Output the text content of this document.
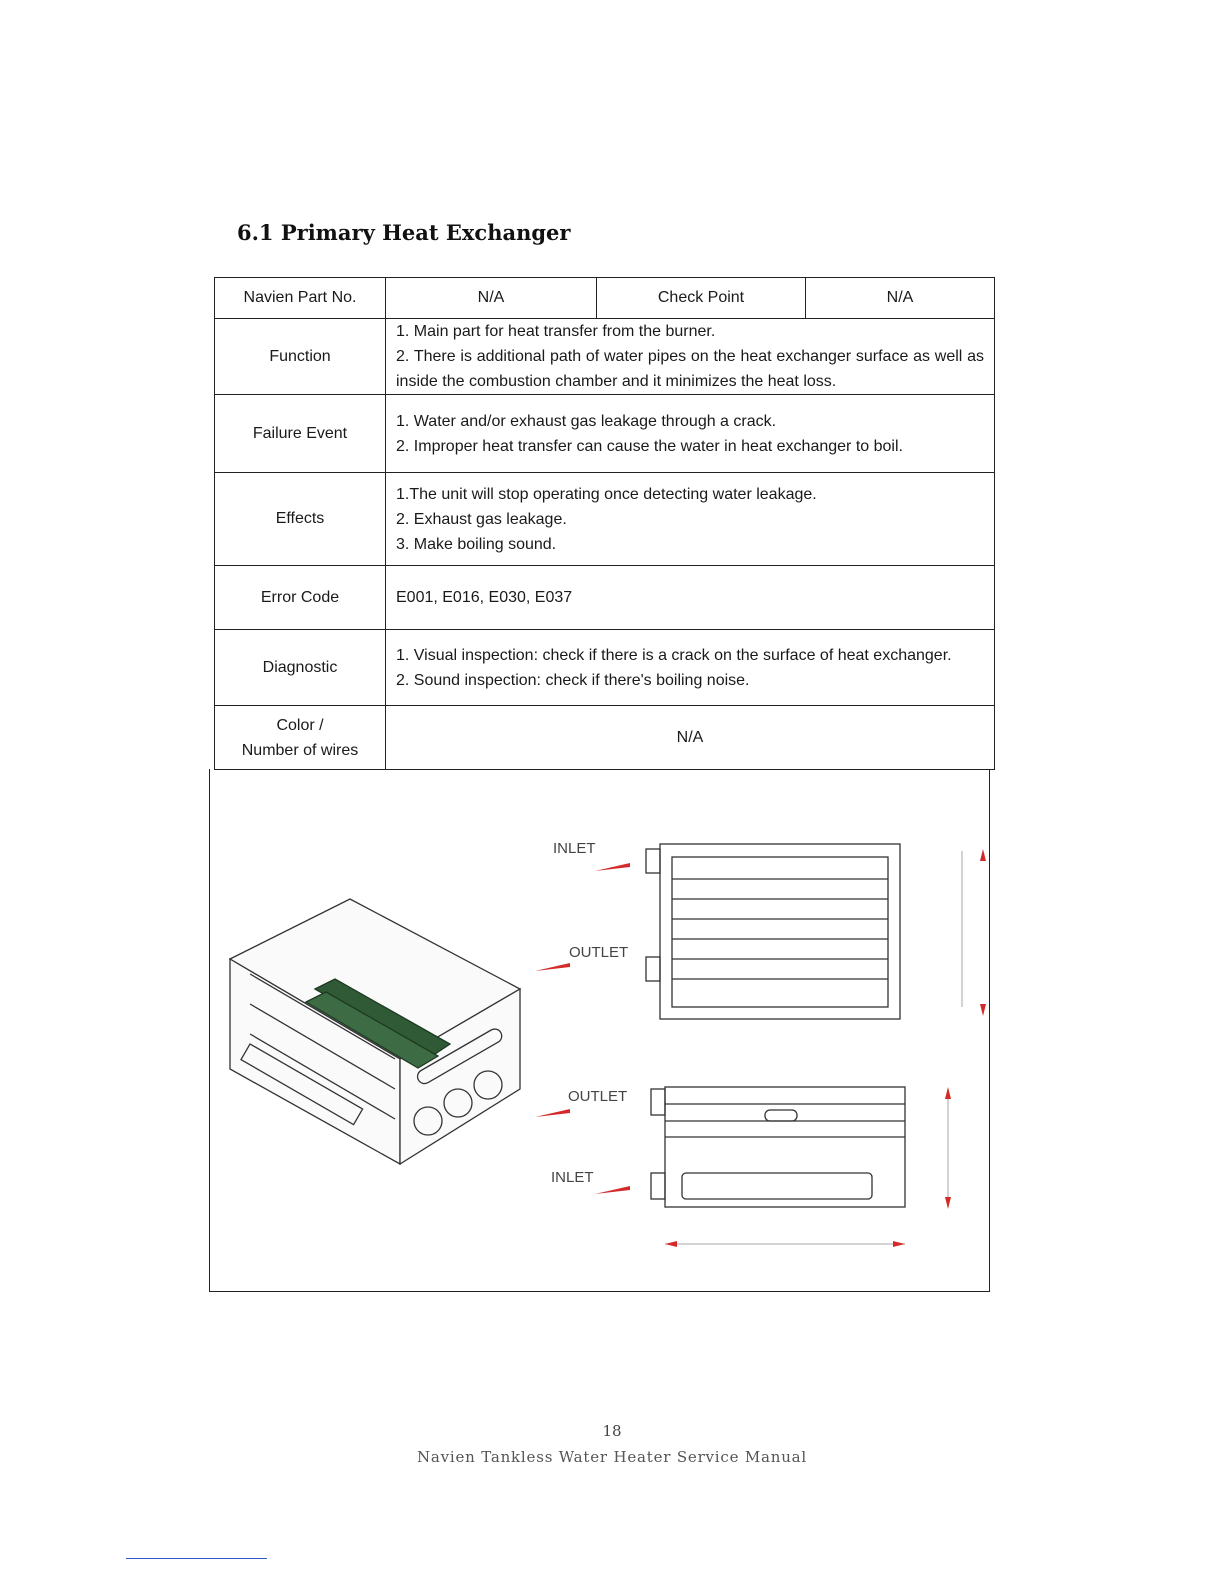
6.1 Primary Heat Exchanger
Navien Part No.	N/A	Check Point	N/A
Function	1. Main part for heat transfer from the burner.
2. There is additional path of water pipes on the heat exchanger surface as well as inside the combustion chamber and it minimizes the heat loss.		

Failure Event	1. Water and/or exhaust gas leakage through a crack.
2. Improper heat transfer can cause the water in heat exchanger to boil.		

Effects	1.The unit will stop operating once detecting water leakage.
2. Exhaust gas leakage.
3. Make boiling sound.		

Error Code	E001, E016, E030, E037		
Diagnostic	1. Visual inspection: check if there is a crack on the surface of heat exchanger.
2. Sound inspection: check if there's boiling noise.		

Color /
Number of wires	N/A		
INLET
OUTLET
OUTLET
INLET
18
Navien Tankless Water Heater Service Manual
